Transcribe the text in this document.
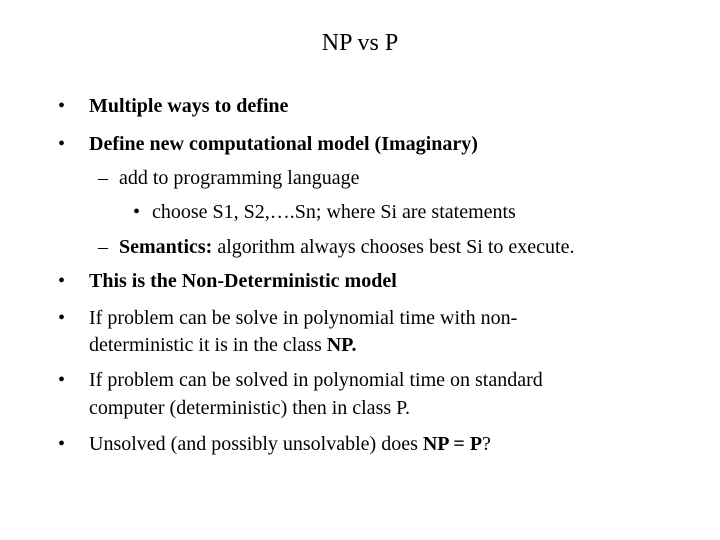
NP vs P
• Multiple ways to define
• Define new computational model (Imaginary)
– add to programming language
• choose S1, S2,….Sn; where Si are statements
– Semantics: algorithm always chooses best Si to execute.
• This is the Non-Deterministic model
• If problem can be solve in polynomial time with non-
deterministic it is in the class NP.
• If problem can be solved in polynomial time on standard
computer (deterministic) then in class P.
• Unsolved (and possibly unsolvable) does NP = P?
